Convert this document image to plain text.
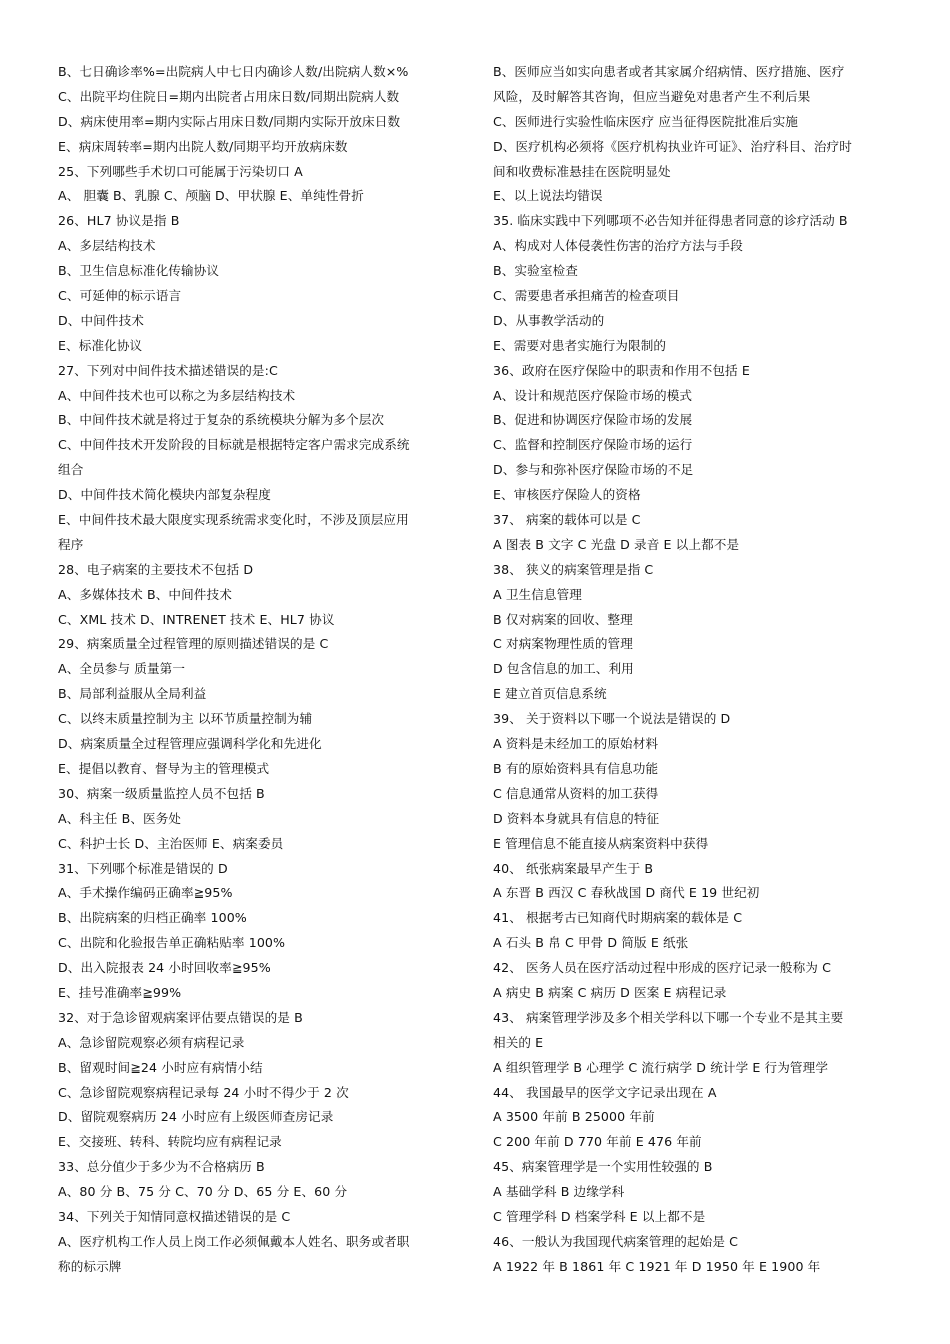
B、七日确诊率%=出院病人中七日内确诊人数/出院病人数×%
C、出院平均住院日=期内出院者占用床日数/同期出院病人数
D、病床使用率=期内实际占用床日数/同期内实际开放床日数
E、病床周转率=期内出院人数/同期平均开放病床数
25、下列哪些手术切口可能属于污染切口 A
A、 胆囊 B、乳腺 C、颅脑 D、甲状腺 E、单纯性骨折
26、HL7 协议是指 B
A、多层结构技术
B、卫生信息标准化传输协议
C、可延伸的标示语言
D、中间件技术
E、标准化协议
27、下列对中间件技术描述错误的是:C
A、中间件技术也可以称之为多层结构技术
B、中间件技术就是将过于复杂的系统模块分解为多个层次
C、中间件技术开发阶段的目标就是根据特定客户需求完成系统
组合
D、中间件技术简化模块内部复杂程度
E、中间件技术最大限度实现系统需求变化时，不涉及顶层应用
程序
28、电子病案的主要技术不包括 D
A、多媒体技术 B、中间件技术
C、XML 技术 D、INTRENET 技术 E、HL7 协议
29、病案质量全过程管理的原则描述错误的是 C
A、全员参与 质量第一
B、局部利益服从全局利益
C、以终末质量控制为主 以环节质量控制为辅
D、病案质量全过程管理应强调科学化和先进化
E、提倡以教育、督导为主的管理模式
30、病案一级质量监控人员不包括 B
A、科主任 B、医务处
C、科护士长 D、主治医师 E、病案委员
31、下列哪个标准是错误的 D
A、手术操作编码正确率≧95%
B、出院病案的归档正确率 100%
C、出院和化验报告单正确粘贴率 100%
D、出入院报表 24 小时回收率≧95%
E、挂号准确率≧99%
32、对于急诊留观病案评估要点错误的是 B
A、急诊留院观察必须有病程记录
B、留观时间≧24 小时应有病情小结
C、急诊留院观察病程记录每 24 小时不得少于 2 次
D、留院观察病历 24 小时应有上级医师查房记录
E、交接班、转科、转院均应有病程记录
33、总分值少于多少为不合格病历 B
A、80 分 B、75 分 C、70 分 D、65 分 E、60 分
34、下列关于知情同意权描述错误的是 C
A、医疗机构工作人员上岗工作必须佩戴本人姓名、职务或者职
称的标示牌
B、医师应当如实向患者或者其家属介绍病情、医疗措施、医疗
风险，及时解答其咨询，但应当避免对患者产生不利后果
C、医师进行实验性临床医疗 应当征得医院批准后实施
D、医疗机构必须将《医疗机构执业许可证》、治疗科目、治疗时
间和收费标准悬挂在医院明显处
E、以上说法均错误
35. 临床实践中下列哪项不必告知并征得患者同意的诊疗活动 B
A、构成对人体侵袭性伤害的治疗方法与手段
B、实验室检查
C、需要患者承担痛苦的检查项目
D、从事教学活动的
E、需要对患者实施行为限制的
36、政府在医疗保险中的职责和作用不包括 E
A、设计和规范医疗保险市场的模式
B、促进和协调医疗保险市场的发展
C、监督和控制医疗保险市场的运行
D、参与和弥补医疗保险市场的不足
E、审核医疗保险人的资格
37、 病案的载体可以是 C
A 图表 B 文字 C 光盘 D 录音 E 以上都不是
38、 狭义的病案管理是指 C
A 卫生信息管理
B 仅对病案的回收、整理
C 对病案物理性质的管理
D 包含信息的加工、利用
E 建立首页信息系统
39、 关于资料以下哪一个说法是错误的 D
A 资料是未经加工的原始材料
B 有的原始资料具有信息功能
C 信息通常从资料的加工获得
D 资料本身就具有信息的特征
E 管理信息不能直接从病案资料中获得
40、 纸张病案最早产生于 B
A 东晋 B 西汉 C 春秋战国 D 商代 E 19 世纪初
41、 根据考古已知商代时期病案的载体是 C
A 石头 B 帛 C 甲骨 D 简版 E 纸张
42、 医务人员在医疗活动过程中形成的医疗记录一般称为 C
A 病史 B 病案 C 病历 D 医案 E 病程记录
43、 病案管理学涉及多个相关学科以下哪一个专业不是其主要
相关的 E
A 组织管理学 B 心理学 C 流行病学 D 统计学 E 行为管理学
44、 我国最早的医学文字记录出现在 A
A 3500 年前 B 25000 年前
C 200 年前 D 770 年前 E 476 年前
45、病案管理学是一个实用性较强的 B
A 基础学科 B 边缘学科
C 管理学科 D 档案学科 E 以上都不是
46、一般认为我国现代病案管理的起始是 C
A 1922 年 B 1861 年 C 1921 年 D 1950 年 E 1900 年
